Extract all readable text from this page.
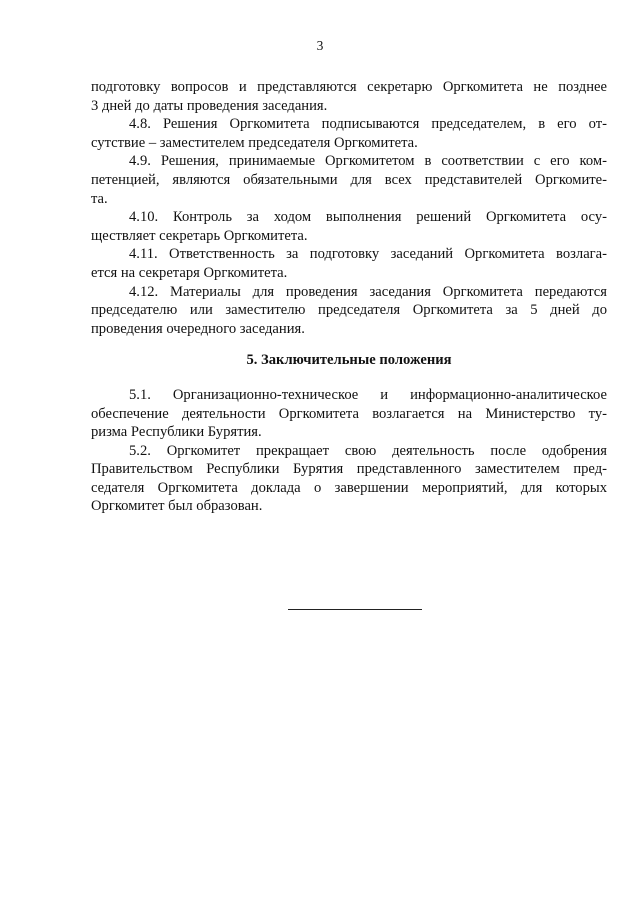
3
подготовку вопросов и представляются секретарю Оргкомитета не позднее
3 дней до даты проведения заседания.
4.8. Решения Оргкомитета подписываются председателем, в его от-
сутствие – заместителем председателя Оргкомитета.
4.9. Решения, принимаемые Оргкомитетом в соответствии с его ком-
петенцией, являются обязательными для всех представителей Оргкомите-
та.
4.10. Контроль за ходом выполнения решений Оргкомитета осу-
ществляет секретарь Оргкомитета.
4.11. Ответственность за подготовку заседаний Оргкомитета возлага-
ется на секретаря Оргкомитета.
4.12. Материалы для проведения заседания Оргкомитета передаются
председателю или заместителю председателя Оргкомитета за 5 дней до
проведения очередного заседания.
5. Заключительные положения
5.1. Организационно-техническое и информационно-аналитическое
обеспечение деятельности Оргкомитета возлагается на Министерство ту-
ризма Республики Бурятия.
5.2. Оргкомитет прекращает свою деятельность после одобрения
Правительством Республики Бурятия представленного заместителем пред-
седателя Оргкомитета доклада о завершении мероприятий, для которых
Оргкомитет был образован.
